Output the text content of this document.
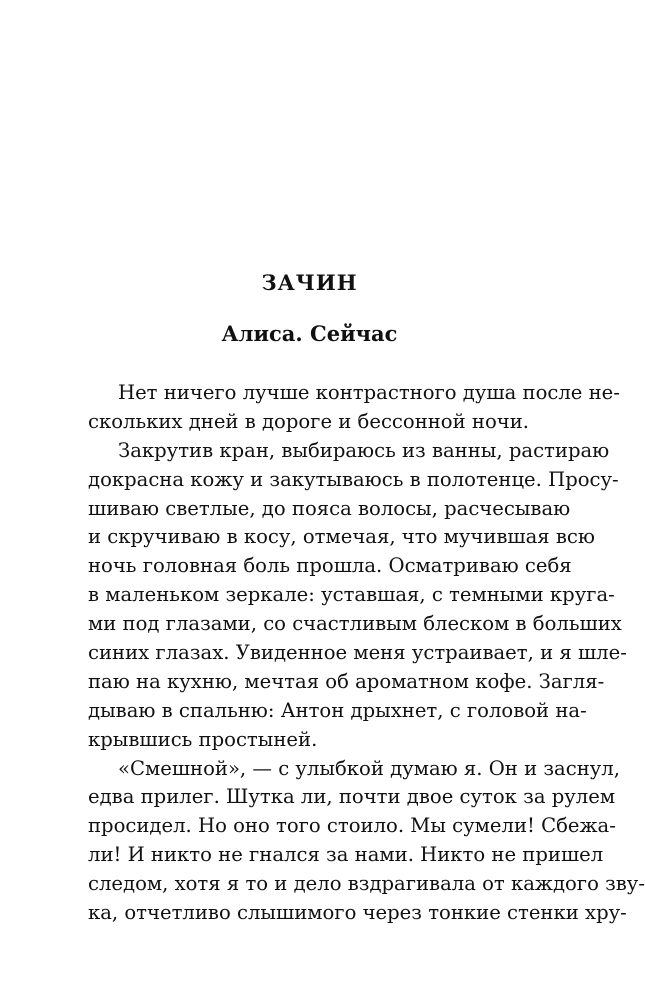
ЗАЧИН
Алиса. Сейчас
Нет ничего лучше контрастного душа после не-
скольких дней в дороге и бессонной ночи.
Закрутив кран, выбираюсь из ванны, растираю
докрасна кожу и закутываюсь в полотенце. Просу-
шиваю светлые, до пояса волосы, расчесываю
и скручиваю в косу, отмечая, что мучившая всю
ночь головная боль прошла. Осматриваю себя
в маленьком зеркале: уставшая, с темными круга-
ми под глазами, со счастливым блеском в больших
синих глазах. Увиденное меня устраивает, и я шле-
паю на кухню, мечтая об ароматном кофе. Загля-
дываю в спальню: Антон дрыхнет, с головой на-
крывшись простыней.
«Смешной», — с улыбкой думаю я. Он и заснул,
едва прилег. Шутка ли, почти двое суток за рулем
просидел. Но оно того стоило. Мы сумели! Сбежа-
ли! И никто не гнался за нами. Никто не пришел
следом, хотя я то и дело вздрагивала от каждого зву-
ка, отчетливо слышимого через тонкие стенки хру-
